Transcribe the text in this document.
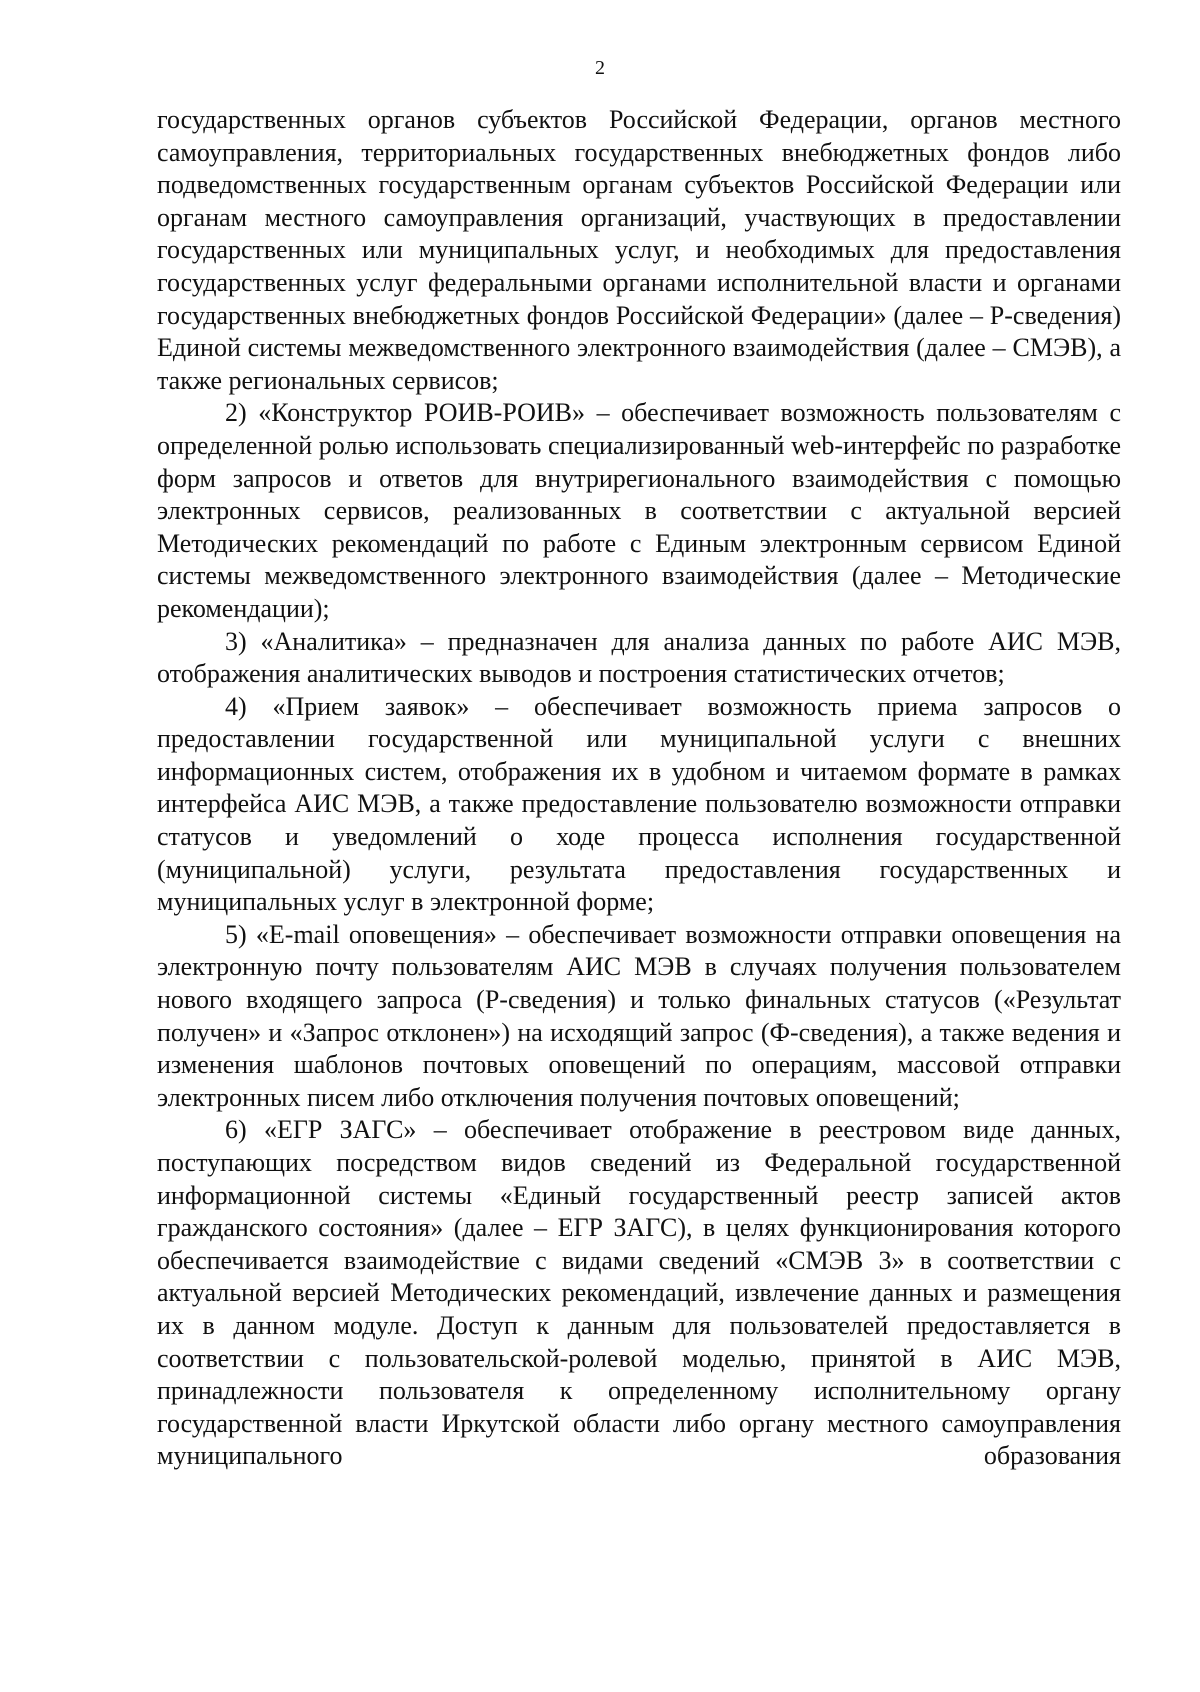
2

государственных органов субъектов Российской Федерации, органов местного самоуправления, территориальных государственных внебюджетных фондов либо подведомственных государственным органам субъектов Российской Федерации или органам местного самоуправления организаций, участвующих в предоставлении государственных или муниципальных услуг, и необходимых для предоставления государственных услуг федеральными органами исполнительной власти и органами государственных внебюджетных фондов Российской Федерации» (далее – Р-сведения) Единой системы межведомственного электронного взаимодействия (далее – СМЭВ), а также региональных сервисов;

2) «Конструктор РОИВ-РОИВ» – обеспечивает возможность пользователям с определенной ролью использовать специализированный web-интерфейс по разработке форм запросов и ответов для внутрирегионального взаимодействия с помощью электронных сервисов, реализованных в соответствии с актуальной версией Методических рекомендаций по работе с Единым электронным сервисом Единой системы межведомственного электронного взаимодействия (далее – Методические рекомендации);

3) «Аналитика» – предназначен для анализа данных по работе АИС МЭВ, отображения аналитических выводов и построения статистических отчетов;

4) «Прием заявок» – обеспечивает возможность приема запросов о предоставлении государственной или муниципальной услуги с внешних информационных систем, отображения их в удобном и читаемом формате в рамках интерфейса АИС МЭВ, а также предоставление пользователю возможности отправки статусов и уведомлений о ходе процесса исполнения государственной (муниципальной) услуги, результата предоставления государственных и муниципальных услуг в электронной форме;

5) «E-mail оповещения» – обеспечивает возможности отправки оповещения на электронную почту пользователям АИС МЭВ в случаях получения пользователем нового входящего запроса (Р-сведения) и только финальных статусов («Результат получен» и «Запрос отклонен») на исходящий запрос (Ф-сведения), а также ведения и изменения шаблонов почтовых оповещений по операциям, массовой отправки электронных писем либо отключения получения почтовых оповещений;

6) «ЕГР ЗАГС» – обеспечивает отображение в реестровом виде данных, поступающих посредством видов сведений из Федеральной государственной информационной системы «Единый государственный реестр записей актов гражданского состояния» (далее – ЕГР ЗАГС), в целях функционирования которого обеспечивается взаимодействие с видами сведений «СМЭВ 3» в соответствии с актуальной версией Методических рекомендаций, извлечение данных и размещения их в данном модуле. Доступ к данным для пользователей предоставляется в соответствии с пользовательской-ролевой моделью, принятой в АИС МЭВ, принадлежности пользователя к определенному исполнительному органу государственной власти Иркутской области либо органу местного самоуправления муниципального образования
